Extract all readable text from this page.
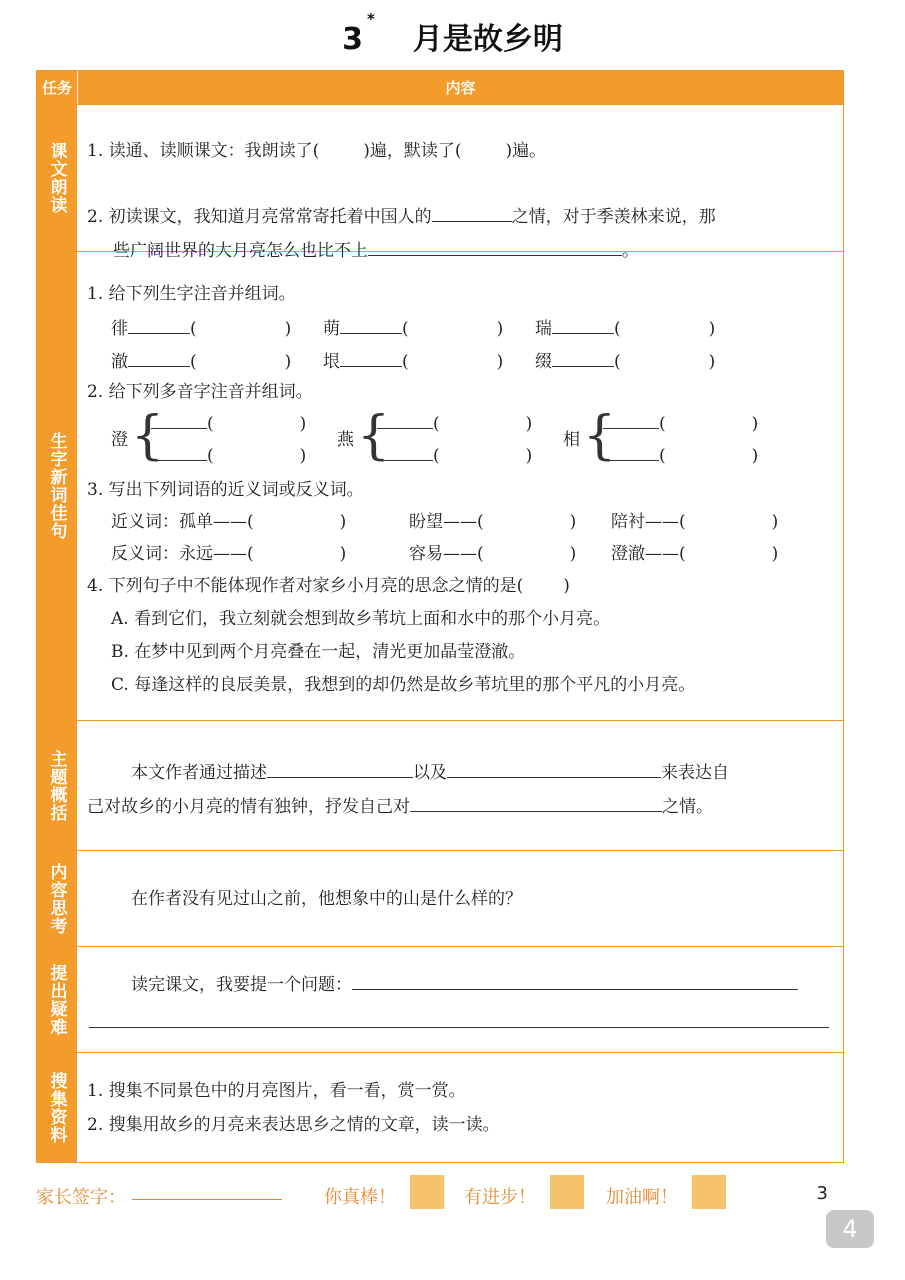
3*月是故乡明
任务	内容
课文朗读	1. 读通、读顺课文：我朗读了(	)遍，默读了(	)遍。
2. 初读课文，我知道月亮常常寄托着中国人的	之情，对于季羡林来说，那
些广阔世界的大月亮怎么也比不上	。
生字新词佳句
1. 给下列生字注音并组词。
徘	(	) 萌	(	) 瑞	(	)
澈	(	) 垠	(	) 缀	(	)
2. 给下列多音字注音并组词。
澄 {	(	)
(	)
燕 {	(	)
(	)
相 {	(	)
(	)
3. 写出下列词语的近义词或反义词。
近义词：孤单——(	)	盼望——(	) 陪衬——(	)
反义词：永远——(	)	容易——(	) 澄澈——(	)
4. 下列句子中不能体现作者对家乡小月亮的思念之情的是( )
A. 看到它们，我立刻就会想到故乡苇坑上面和水中的那个小月亮。
B. 在梦中见到两个月亮叠在一起，清光更加晶莹澄澈。
C. 每逢这样的良辰美景，我想到的却仍然是故乡苇坑里的那个平凡的小月亮。
主题概括	本文作者通过描述	以及	来表达自
己对故乡的小月亮的情有独钟，抒发自己对	之情。
内容思考	在作者没有见过山之前，他想象中的山是什么样的？
提出疑难	读完课文，我要提一个问题：
搜集资料	1. 搜集不同景色中的月亮图片，看一看，赏一赏。
2. 搜集用故乡的月亮来表达思乡之情的文章，读一读。
家长签字：	你真棒！	有进步！	加油啊！	3
4
